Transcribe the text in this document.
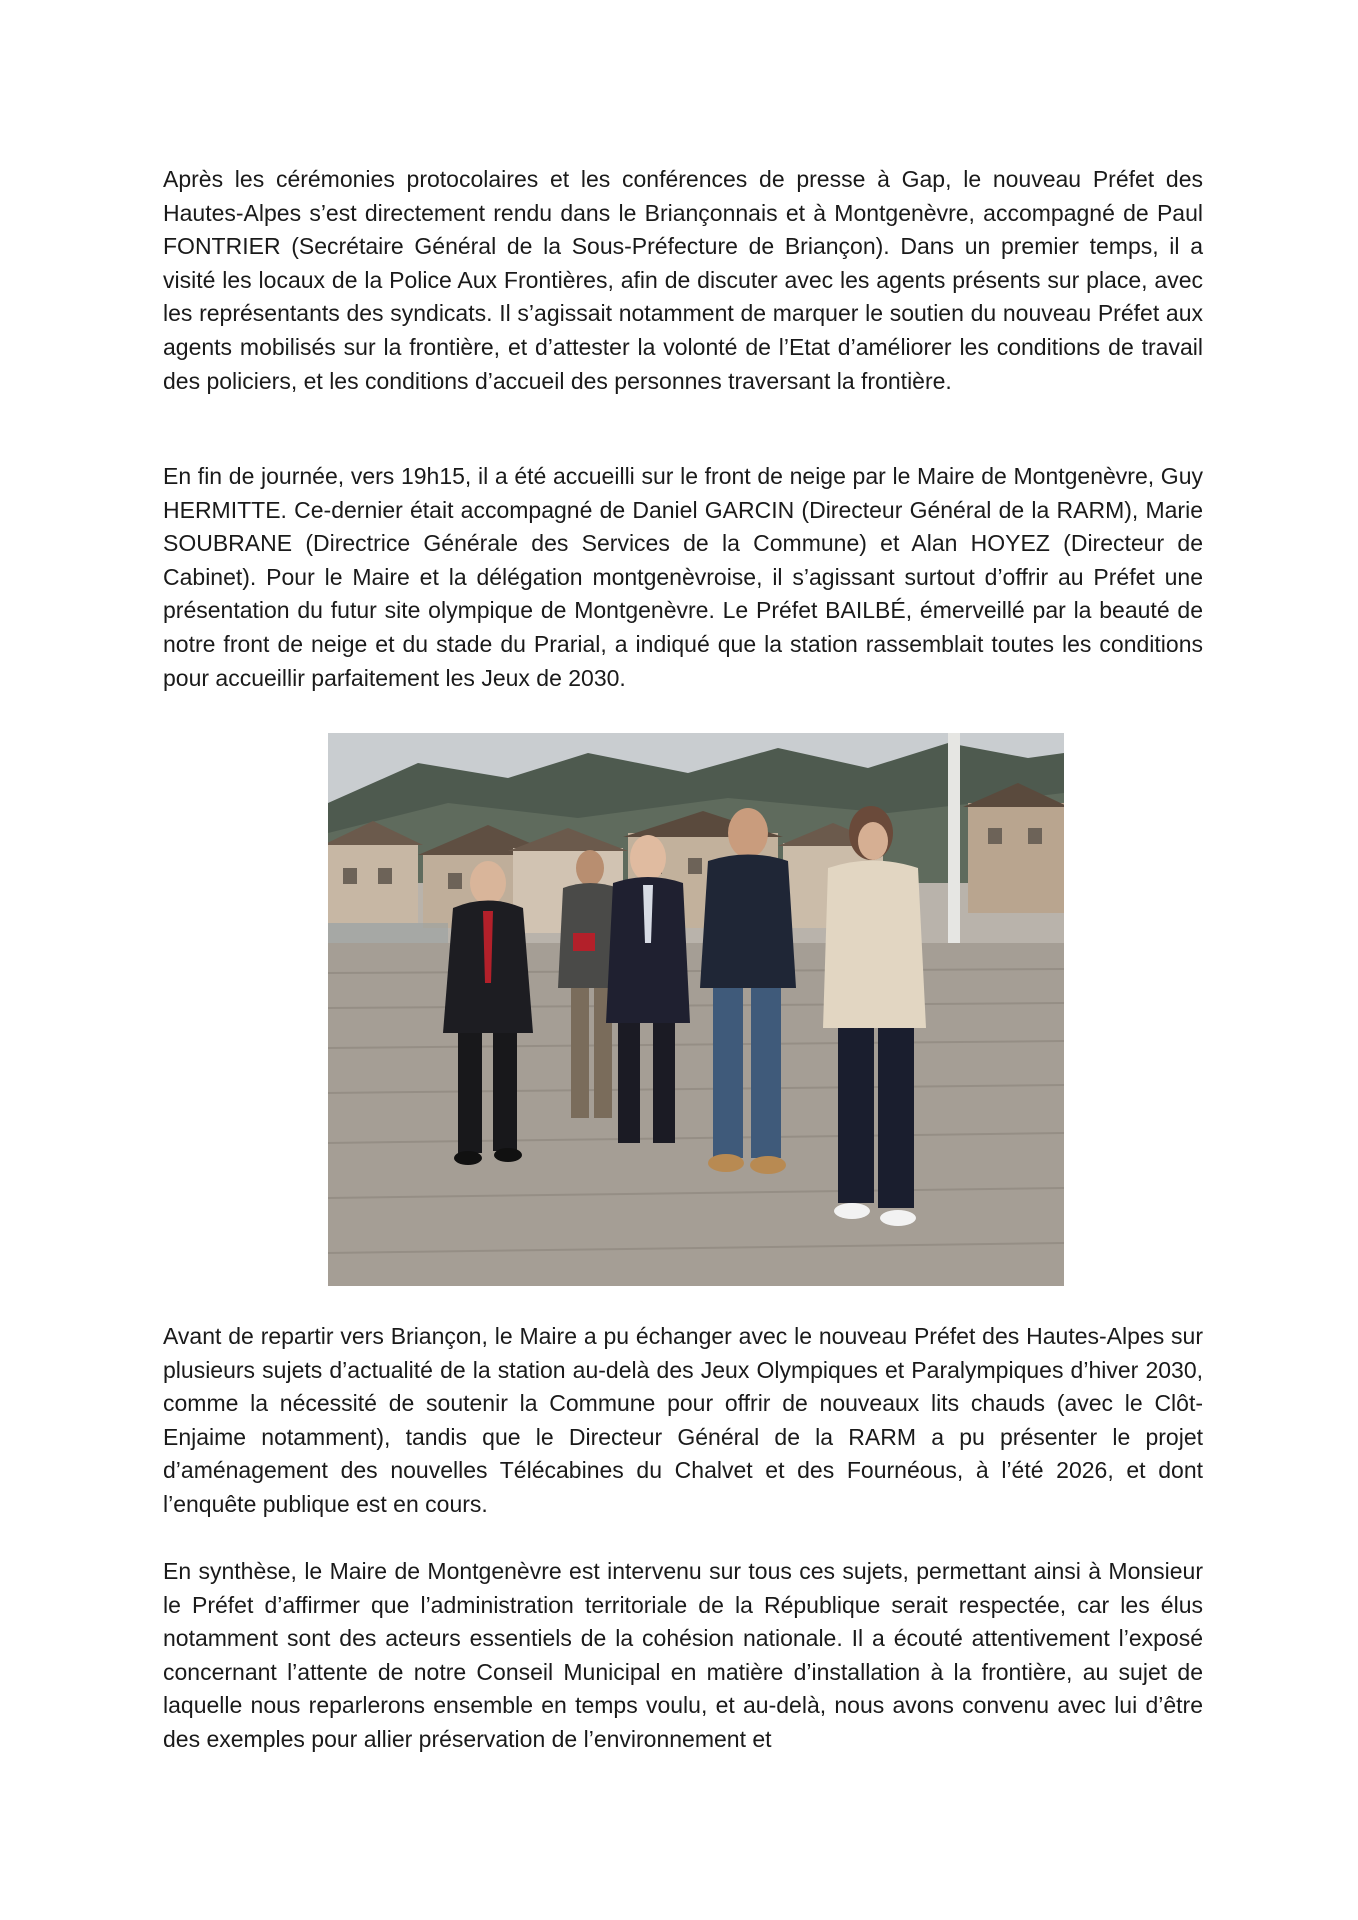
Après les cérémonies protocolaires et les conférences de presse à Gap, le nouveau Préfet des Hautes-Alpes s’est directement rendu dans le Briançonnais et à Montgenèvre, accompagné de Paul FONTRIER (Secrétaire Général de la Sous-Préfecture de Briançon). Dans un premier temps, il a visité les locaux de la Police Aux Frontières, afin de discuter avec les agents présents sur place, avec les représentants des syndicats. Il s’agissait notamment de marquer le soutien du nouveau Préfet aux agents mobilisés sur la frontière, et d’attester la volonté de l’Etat d’améliorer les conditions de travail des policiers, et les conditions d’accueil des personnes traversant la frontière.

En fin de journée, vers 19h15, il a été accueilli sur le front de neige par le Maire de Montgenèvre, Guy HERMITTE. Ce-dernier était accompagné de Daniel GARCIN (Directeur Général de la RARM), Marie SOUBRANE (Directrice Générale des Services de la Commune) et Alan HOYEZ (Directeur de Cabinet). Pour le Maire et la délégation montgenèvroise, il s’agissant surtout d’offrir au Préfet une présentation du futur site olympique de Montgenèvre. Le Préfet BAILBÉ, émerveillé par la beauté de notre front de neige et du stade du Prarial, a indiqué que la station rassemblait toutes les conditions pour accueillir parfaitement les Jeux de 2030.

Avant de repartir vers Briançon, le Maire a pu échanger avec le nouveau Préfet des Hautes-Alpes sur plusieurs sujets d’actualité de la station au-delà des Jeux Olympiques et Paralympiques d’hiver 2030, comme la nécessité de soutenir la Commune pour offrir de nouveaux lits chauds (avec le Clôt-Enjaime notamment), tandis que le Directeur Général de la RARM a pu présenter le projet d’aménagement des nouvelles Télécabines du Chalvet et des Fournéous, à l’été 2026, et dont l’enquête publique est en cours.

En synthèse, le Maire de Montgenèvre est intervenu sur tous ces sujets, permettant ainsi à Monsieur le Préfet d’affirmer que l’administration territoriale de la République serait respectée, car les élus notamment sont des acteurs essentiels de la cohésion nationale. Il a écouté attentivement l’exposé concernant l’attente de notre Conseil Municipal en matière d’installation à la frontière, au sujet de laquelle nous reparlerons ensemble en temps voulu, et au-delà, nous avons convenu avec lui d’être des exemples pour allier préservation de l’environnement et
